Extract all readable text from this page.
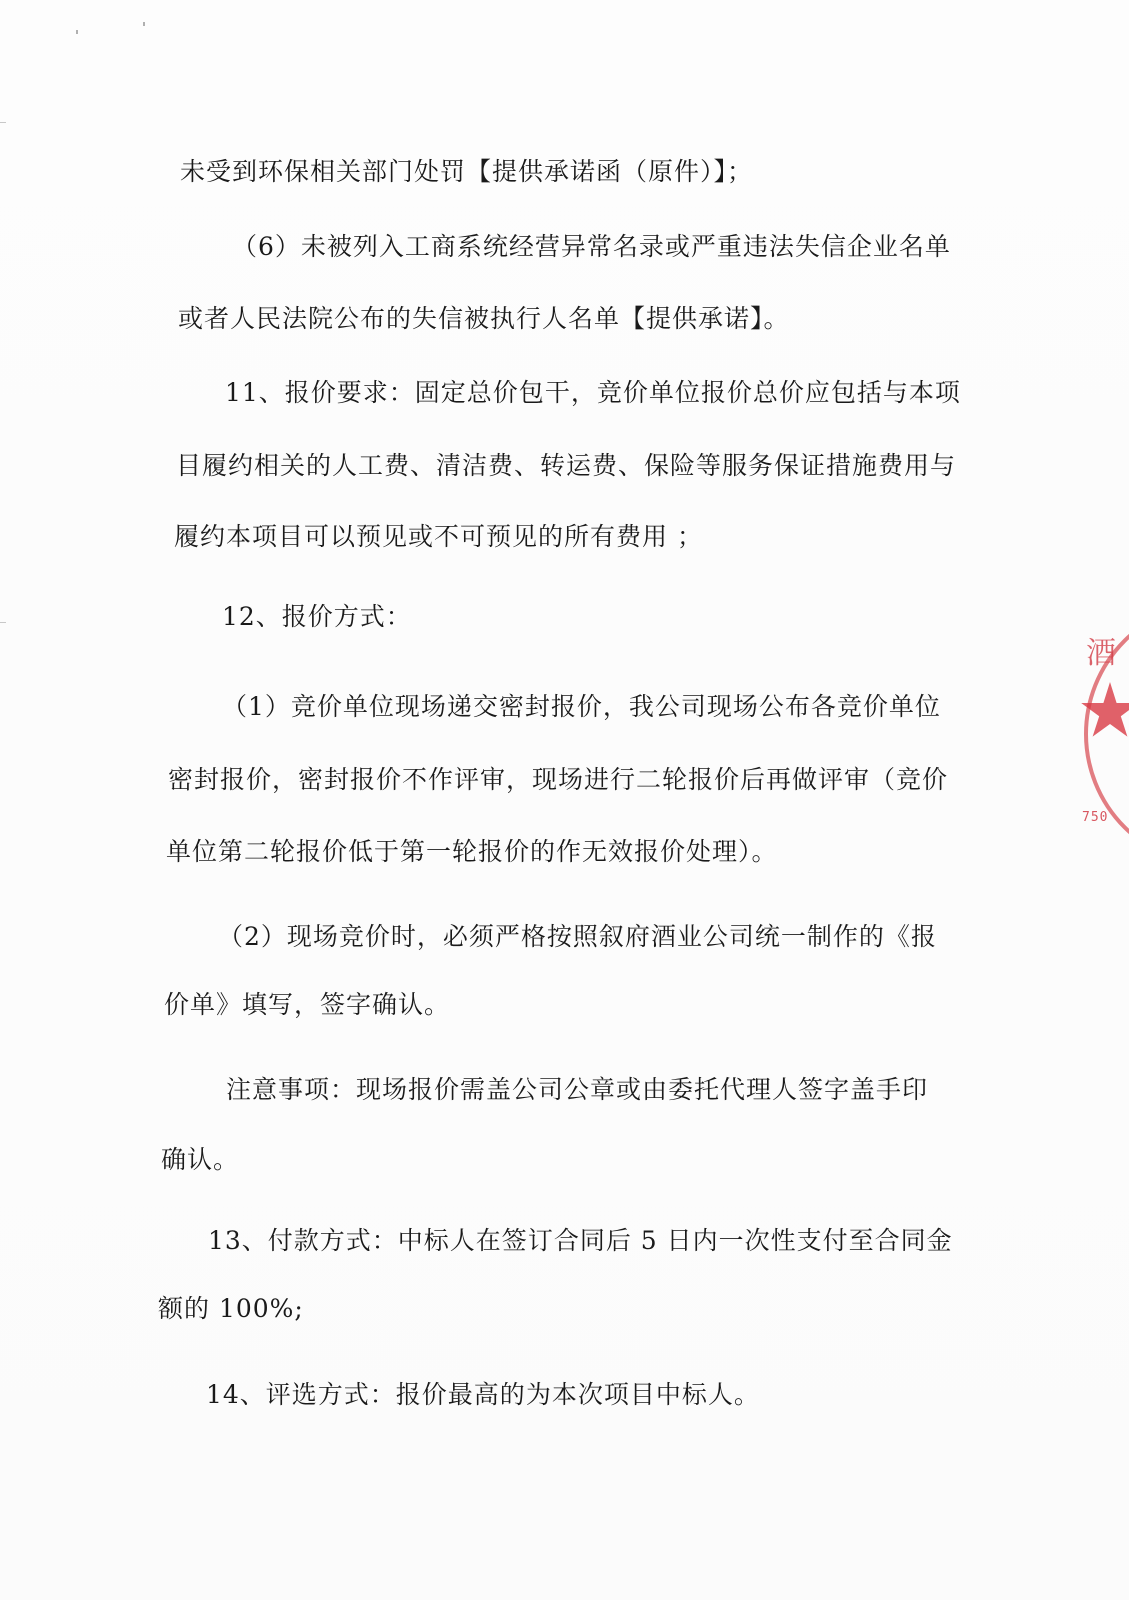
未受到环保相关部门处罚【提供承诺函（原件）】；
（6）未被列入工商系统经营异常名录或严重违法失信企业名单
或者人民法院公布的失信被执行人名单【提供承诺】。
11、报价要求：固定总价包干，竞价单位报价总价应包括与本项
目履约相关的人工费、清洁费、转运费、保险等服务保证措施费用与
履约本项目可以预见或不可预见的所有费用 ；
12、报价方式：
（1）竞价单位现场递交密封报价，我公司现场公布各竞价单位
密封报价，密封报价不作评审，现场进行二轮报价后再做评审（竞价
单位第二轮报价低于第一轮报价的作无效报价处理）。
（2）现场竞价时，必须严格按照叙府酒业公司统一制作的《报
价单》填写，签字确认。
注意事项：现场报价需盖公司公章或由委托代理人签字盖手印
确认。
13、付款方式：中标人在签订合同后 5 日内一次性支付至合同金
额的 100%;
14、评选方式：报价最高的为本次项目中标人。
酒
750
